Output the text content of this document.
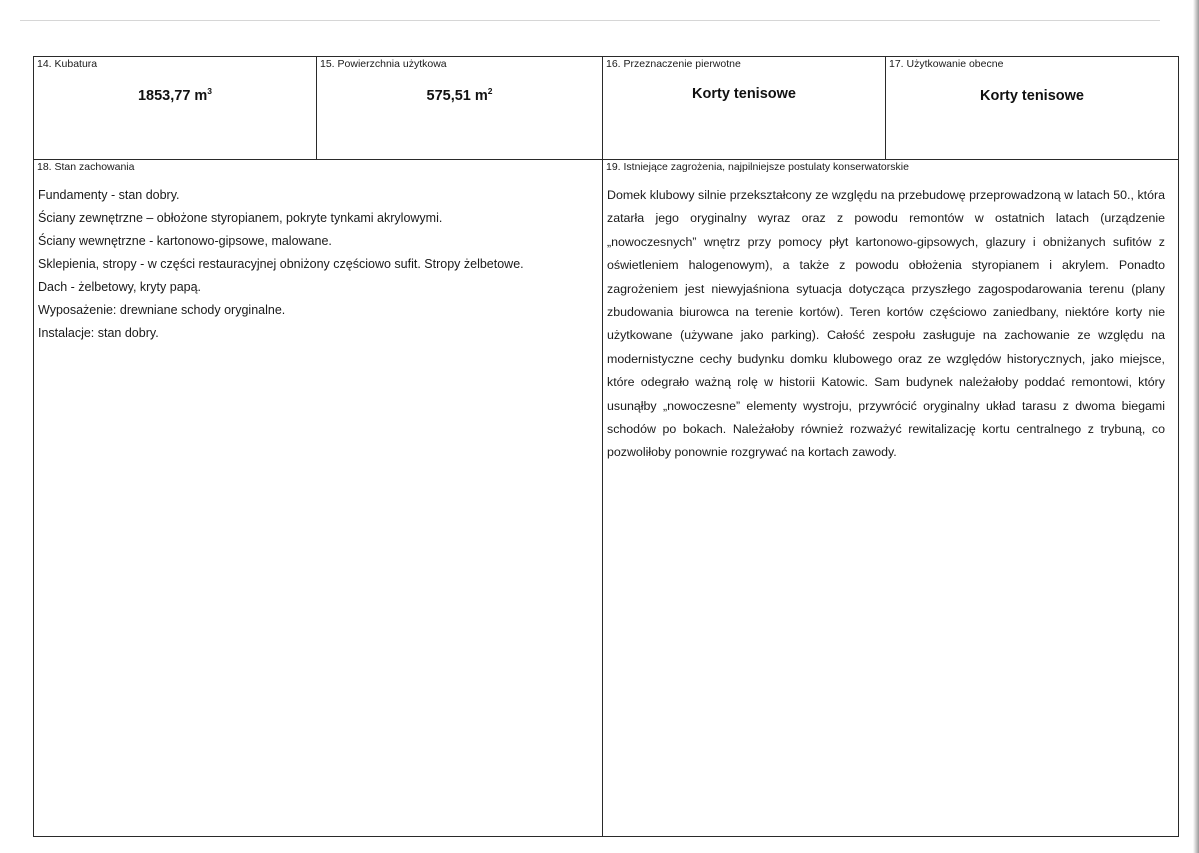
14. Kubatura
1853,77 $m^3$
15. Powierzchnia użytkowa
575,51 $m^2$
16. Przeznaczenie pierwotne
Korty tenisowe
17. Użytkowanie obecne
Korty tenisowe
18. Stan zachowania
Fundamenty - stan dobry.
Ściany zewnętrzne – obłożone styropianem, pokryte tynkami akrylowymi.
Ściany wewnętrzne - kartonowo-gipsowe, malowane.
Sklepienia, stropy - w części restauracyjnej obniżony częściowo sufit. Stropy żelbetowe.
Dach - żelbetowy, kryty papą.
Wyposażenie: drewniane schody oryginalne.
Instalacje: stan dobry.
19. Istniejące zagrożenia, najpilniejsze postulaty konserwatorskie

Domek klubowy silnie przekształcony ze względu na przebudowę przeprowadzoną w latach 50., która zatarła jego oryginalny wyraz oraz z powodu remontów w ostatnich latach (urządzenie „nowoczesnych” wnętrz przy pomocy płyt kartonowo-gipsowych, glazury i obniżanych sufitów z oświetleniem halogenowym), a także z powodu obłożenia styropianem i akrylem. Ponadto zagrożeniem jest niewyjaśniona sytuacja dotycząca przyszłego zagospodarowania terenu (plany zbudowania biurowca na terenie kortów). Teren kortów częściowo zaniedbany, niektóre korty nie użytkowane (używane jako parking). Całość zespołu zasługuje na zachowanie ze względu na modernistyczne cechy budynku domku klubowego oraz ze względów historycznych, jako miejsce, które odegrało ważną rolę w historii Katowic. Sam budynek należałoby poddać remontowi, który usunąłby „nowoczesne” elementy wystroju, przywrócić oryginalny układ tarasu z dwoma biegami schodów po bokach. Należałoby również rozważyć rewitalizację kortu centralnego z trybuną, co pozwoliłoby ponownie rozgrywać na kortach zawody.
